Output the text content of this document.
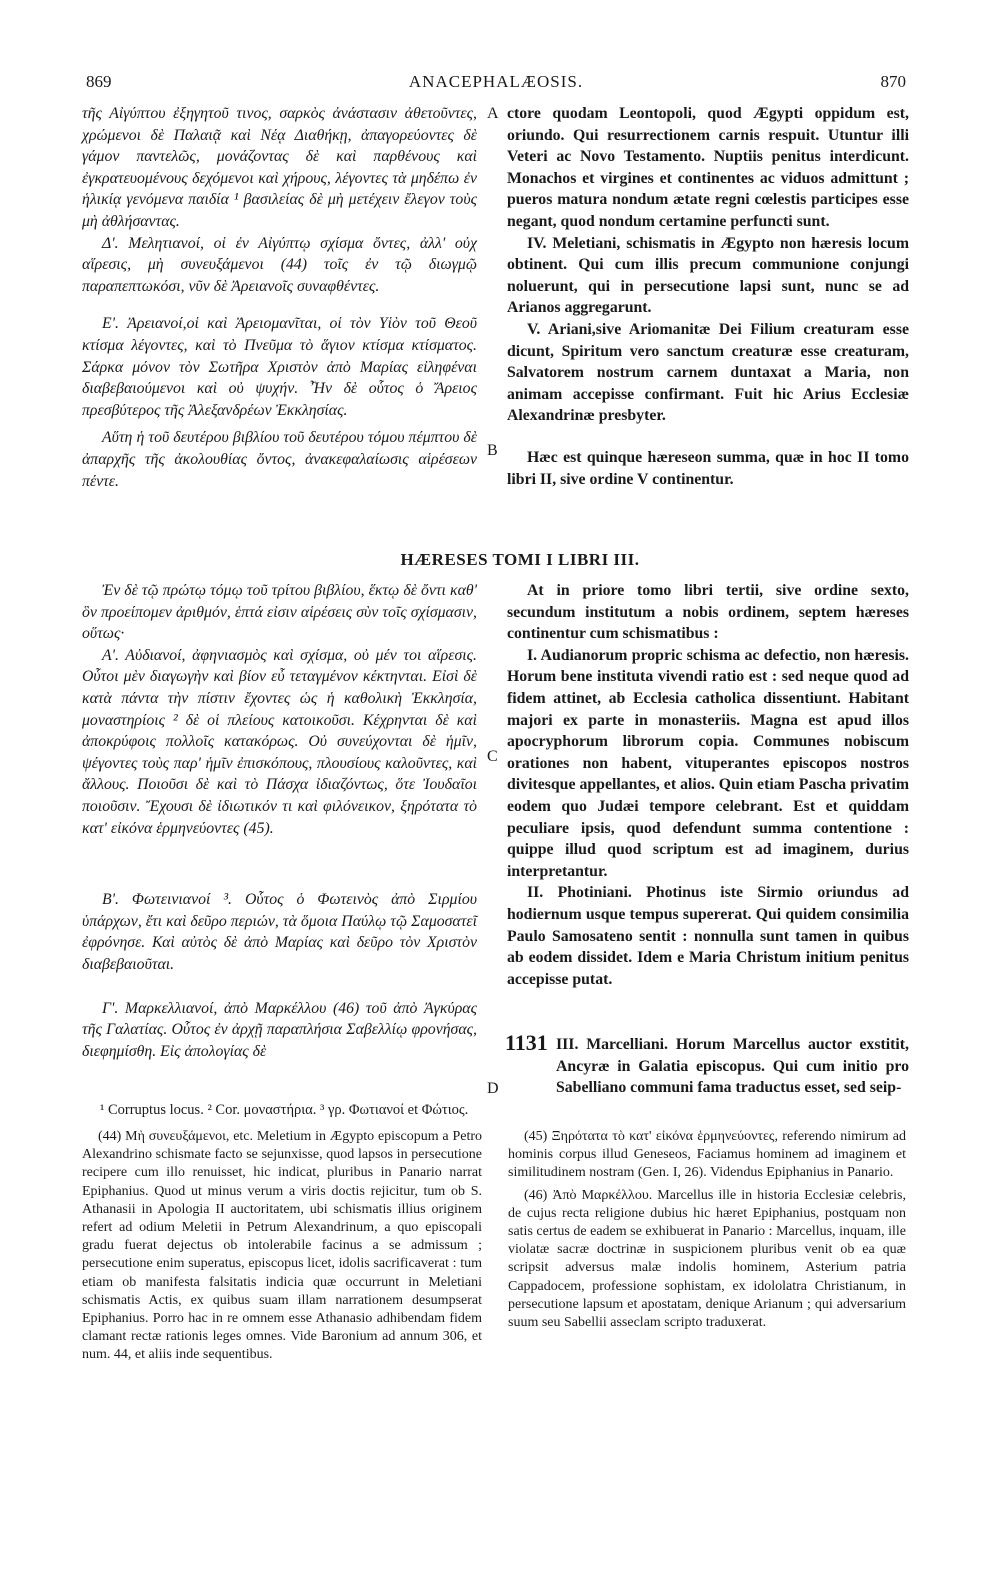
869	ANACEPHALÆOSIS.	870

τῆς Αἰγύπτου ἐξηγητοῦ τινος, σαρκὸς ἀνάστασιν ἀθετοῦντες, χρώμενοι δὲ Παλαιᾷ καὶ Νέᾳ Διαθήκῃ, ἀπαγορεύοντες δὲ γάμον παντελῶς, μονάζοντας δὲ καὶ παρθένους καὶ ἐγκρατευομένους δεχόμενοι καὶ χήρους, λέγοντες τὰ μηδέπω ἐν ἡλικίᾳ γενόμενα παιδία ¹ βασιλείας δὲ μὴ μετέχειν ἔλεγον τοὺς μὴ ἀθλήσαντας.

Δ'. Μελητιανοί, οἱ ἐν Αἰγύπτῳ σχίσμα ὄντες, ἀλλ' οὐχ αἵρεσις, μὴ συνευξάμενοι (44) τοῖς ἐν τῷ διωγμῷ παραπεπτωκόσι, νῦν δὲ Ἀρειανοῖς συναφθέντες.

Ε'. Ἀρειανοί,οἱ καὶ Ἀρειομανῖται, οἱ τὸν Υἱὸν τοῦ Θεοῦ κτίσμα λέγοντες, καὶ τὸ Πνεῦμα τὸ ἅγιον κτίσμα κτίσματος. Σάρκα μόνον τὸν Σωτῆρα Χριστὸν ἀπὸ Μαρίας εἰληφέναι διαβεβαιούμενοι καὶ οὐ ψυχήν. Ἦν δὲ οὗτος ὁ Ἄρειος πρεσβύτερος τῆς Ἀλεξανδρέων Ἐκκλησίας.

Αὕτη ἡ τοῦ δευτέρου βιβλίου τοῦ δευτέρου τόμου πέμπτου δὲ ἀπαρχῆς τῆς ἀκολουθίας ὄντος, ἀνακεφαλαίωσις αἱρέσεων πέντε.

ctore quodam Leontopoli, quod Ægypti oppidum est, oriundo. Qui resurrectionem carnis respuit. Utuntur illi Veteri ac Novo Testamento. Nuptiis penitus interdicunt. Monachos et virgines et continentes ac viduos admittunt ; pueros matura nondum ætate regni cœlestis participes esse negant, quod nondum certamine perfuncti sunt.

IV. Meletiani, schismatis in Ægypto non hæresis locum obtinent. Qui cum illis precum communione conjungi noluerunt, qui in persecutione lapsi sunt, nunc se ad Arianos aggregarunt.

V. Ariani,sive Ariomanitæ Dei Filium creaturam esse dicunt, Spiritum vero sanctum creaturæ esse creaturam, Salvatorem nostrum carnem duntaxat a Maria, non animam accepisse confirmant. Fuit hic Arius Ecclesiæ Alexandrinæ presbyter.

Hæc est quinque hæreseon summa, quæ in hoc II tomo libri II, sive ordine V continentur.

A
B
C
D
HÆRESES TOMI I LIBRI III.

Ἐν δὲ τῷ πρώτῳ τόμῳ τοῦ τρίτου βιβλίου, ἕκτῳ δὲ ὄντι καθ' ὃν προείπομεν ἀριθμόν, ἑπτά εἰσιν αἱρέσεις σὺν τοῖς σχίσμασιν, οὕτως·

Α'. Αὐδιανοί, ἀφηνιασμὸς καὶ σχίσμα, οὐ μέν τοι αἵρεσις. Οὗτοι μὲν διαγωγὴν καὶ βίον εὖ τεταγμένον κέκτηνται. Εἰσὶ δὲ κατὰ πάντα τὴν πίστιν ἔχοντες ὡς ἡ καθολικὴ Ἐκκλησία, μοναστηρίοις ² δὲ οἱ πλείους κατοικοῦσι. Κέχρηνται δὲ καὶ ἀποκρύφοις πολλοῖς κατακόρως. Οὐ συνεύχονται δὲ ἡμῖν, ψέγοντες τοὺς παρ' ἡμῖν ἐπισκόπους, πλουσίους καλοῦντες, καὶ ἄλλους. Ποιοῦσι δὲ καὶ τὸ Πάσχα ἰδιαζόντως, ὅτε Ἰουδαῖοι ποιοῦσιν. Ἔχουσι δὲ ἰδιωτικόν τι καὶ φιλόνεικον, ξηρότατα τὸ κατ' εἰκόνα ἑρμηνεύοντες (45).

Β'. Φωτεινιανοί ³. Οὗτος ὁ Φωτεινὸς ἀπὸ Σιρμίου ὑπάρχων, ἔτι καὶ δεῦρο περιών, τὰ ὅμοια Παύλῳ τῷ Σαμοσατεῖ ἐφρόνησε. Καὶ αὐτὸς δὲ ἀπὸ Μαρίας καὶ δεῦρο τὸν Χριστὸν διαβεβαιοῦται.

Γ'. Μαρκελλιανοί, ἀπὸ Μαρκέλλου (46) τοῦ ἀπὸ Ἀγκύρας τῆς Γαλατίας. Οὗτος ἐν ἀρχῇ παραπλήσια Σαβελλίῳ φρονήσας, διεφημίσθη. Εἰς ἀπολογίας δὲ

At in priore tomo libri tertii, sive ordine sexto, secundum institutum a nobis ordinem, septem hæreses continentur cum schismatibus :

I. Audianorum propric schisma ac defectio, non hæresis. Horum bene instituta vivendi ratio est : sed neque quod ad fidem attinet, ab Ecclesia catholica dissentiunt. Habitant majori ex parte in monasteriis. Magna est apud illos apocryphorum librorum copia. Communes nobiscum orationes non habent, vituperantes episcopos nostros divitesque appellantes, et alios. Quin etiam Pascha privatim eodem quo Judæi tempore celebrant. Est et quiddam peculiare ipsis, quod defendunt summa contentione : quippe illud quod scriptum est ad imaginem, durius interpretantur.

II. Photiniani. Photinus iste Sirmio oriundus ad hodiernum usque tempus supererat. Qui quidem consimilia Paulo Samosateno sentit : nonnulla sunt tamen in quibus ab eodem dissidet. Idem e Maria Christum initium penitus accepisse putat.

1131 III. Marcelliani. Horum Marcellus auctor exstitit, Ancyræ in Galatia episcopus. Qui cum initio pro Sabelliano communi fama traductus esset, sed seip-

¹ Corruptus locus. ² Cor. μοναστήρια. ³ γρ. Φωτιανοί et Φώτιος.

(44) Μὴ συνευξάμενοι, etc. Meletium in Ægypto episcopum a Petro Alexandrino schismate facto se sejunxisse, quod lapsos in persecutione recipere cum illo renuisset, hic indicat, pluribus in Panario narrat Epiphanius. Quod ut minus verum a viris doctis rejicitur, tum ob S. Athanasii in Apologia II auctoritatem, ubi schismatis illius originem refert ad odium Meletii in Petrum Alexandrinum, a quo episcopali gradu fuerat dejectus ob intolerabile facinus a se admissum ; persecutione enim superatus, episcopus licet, idolis sacrificaverat : tum etiam ob manifesta falsitatis indicia quæ occurrunt in Meletiani schismatis Actis, ex quibus suam illam narrationem desumpserat Epiphanius. Porro hac in re omnem esse Athanasio adhibendam fidem clamant rectæ rationis leges omnes. Vide Baronium ad annum 306, et num. 44, et aliis inde sequentibus.

(45) Ξηρότατα τὸ κατ' εἰκόνα ἑρμηνεύοντες, referendo nimirum ad hominis corpus illud Geneseos, Faciamus hominem ad imaginem et similitudinem nostram (Gen. I, 26). Videndus Epiphanius in Panario.

(46) Ἀπὸ Μαρκέλλου. Marcellus ille in historia Ecclesiæ celebris, de cujus recta religione dubius hic hæret Epiphanius, postquam non satis certus de eadem se exhibuerat in Panario : Marcellus, inquam, ille violatæ sacræ doctrinæ in suspicionem pluribus venit ob ea quæ scripsit adversus malæ indolis hominem, Asterium patria Cappadocem, professione sophistam, ex idololatra Christianum, in persecutione lapsum et apostatam, denique Arianum ; qui adversarium suum seu Sabellii asseclam scripto traduxerat.
